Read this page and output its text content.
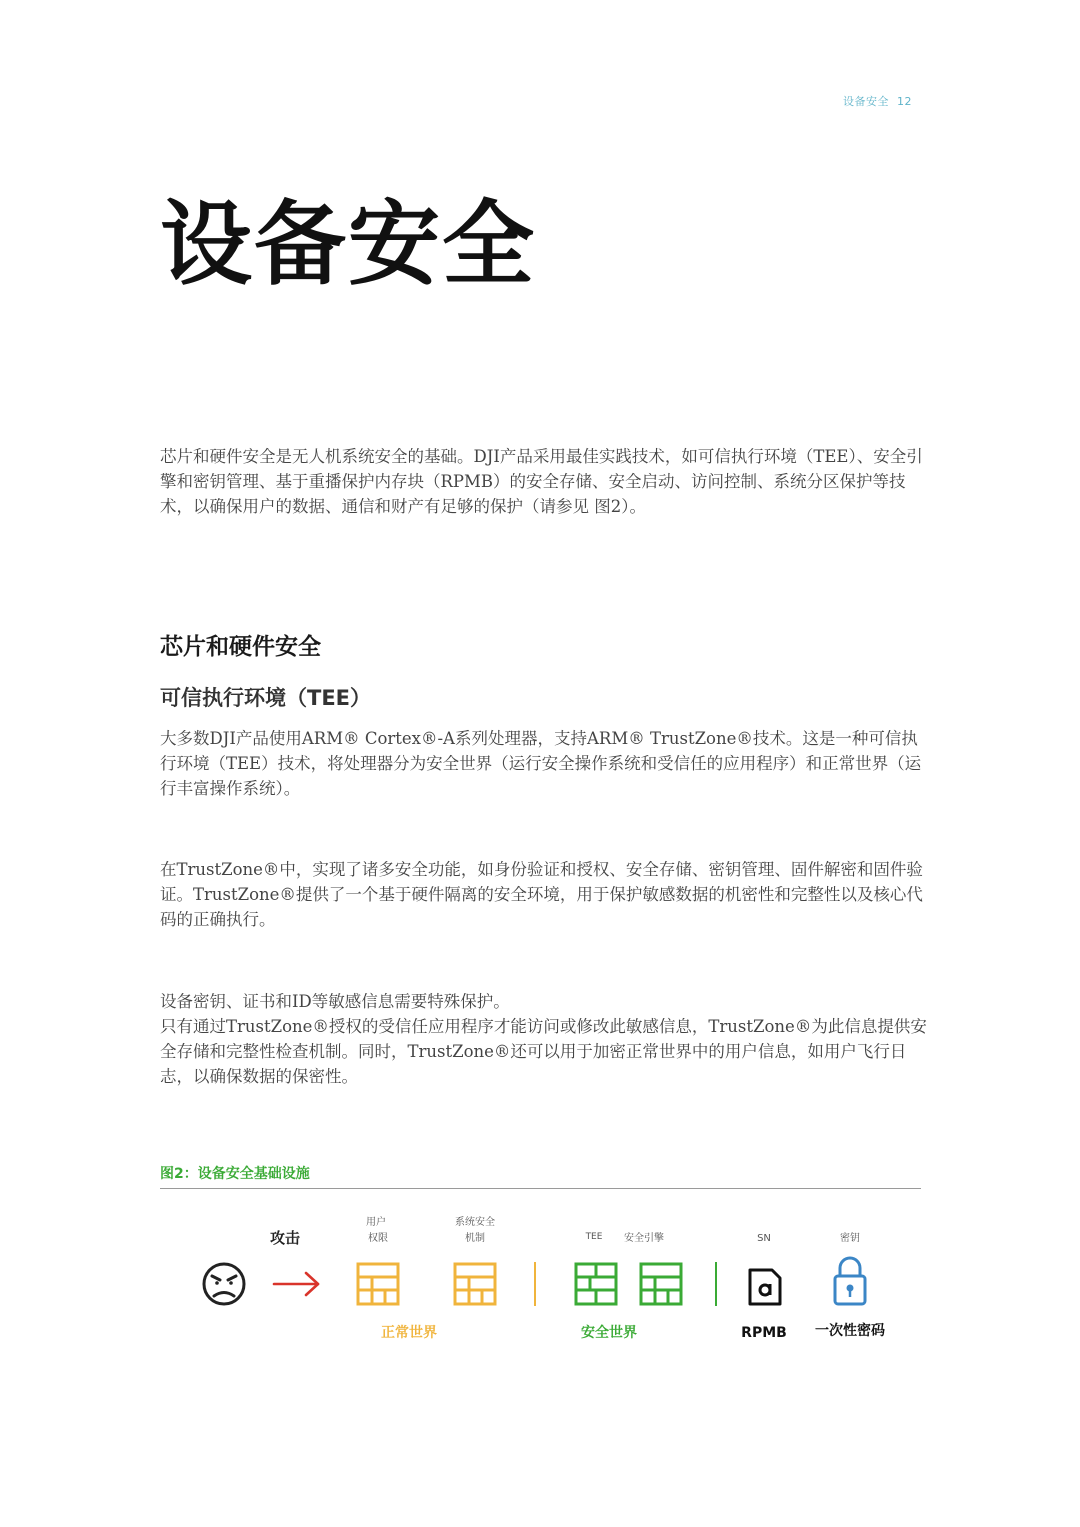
设备安全 12
设备安全

芯片和硬件安全是无人机系统安全的基础。DJI产品采用最佳实践技术，如可信执行环境（TEE）、安全引擎和密钥管理、基于重播保护内存块（RPMB）的安全存储、安全启动、访问控制、系统分区保护等技术，以确保用户的数据、通信和财产有足够的保护（请参见 图2）。

芯片和硬件安全
可信执行环境（TEE）

大多数DJI产品使用ARM® Cortex®-A系列处理器，支持ARM® TrustZone®技术。这是一种可信执行环境（TEE）技术，将处理器分为安全世界（运行安全操作系统和受信任的应用程序）和正常世界（运行丰富操作系统）。

在TrustZone®中，实现了诸多安全功能，如身份验证和授权、安全存储、密钥管理、固件解密和固件验证。TrustZone®提供了一个基于硬件隔离的安全环境，用于保护敏感数据的机密性和完整性以及核心代码的正确执行。

设备密钥、证书和ID等敏感信息需要特殊保护。

只有通过TrustZone®授权的受信任应用程序才能访问或修改此敏感信息，TrustZone®为此信息提供安全存储和完整性检查机制。同时，TrustZone®还可以用于加密正常世界中的用户信息，如用户飞行日志，以确保数据的保密性。

图2：设备安全基础设施

攻击
用户
权限
系统安全
机制	TEE 安全引擎	SN	密钥
正常世界	安全世界	RPMB 一次性密码
